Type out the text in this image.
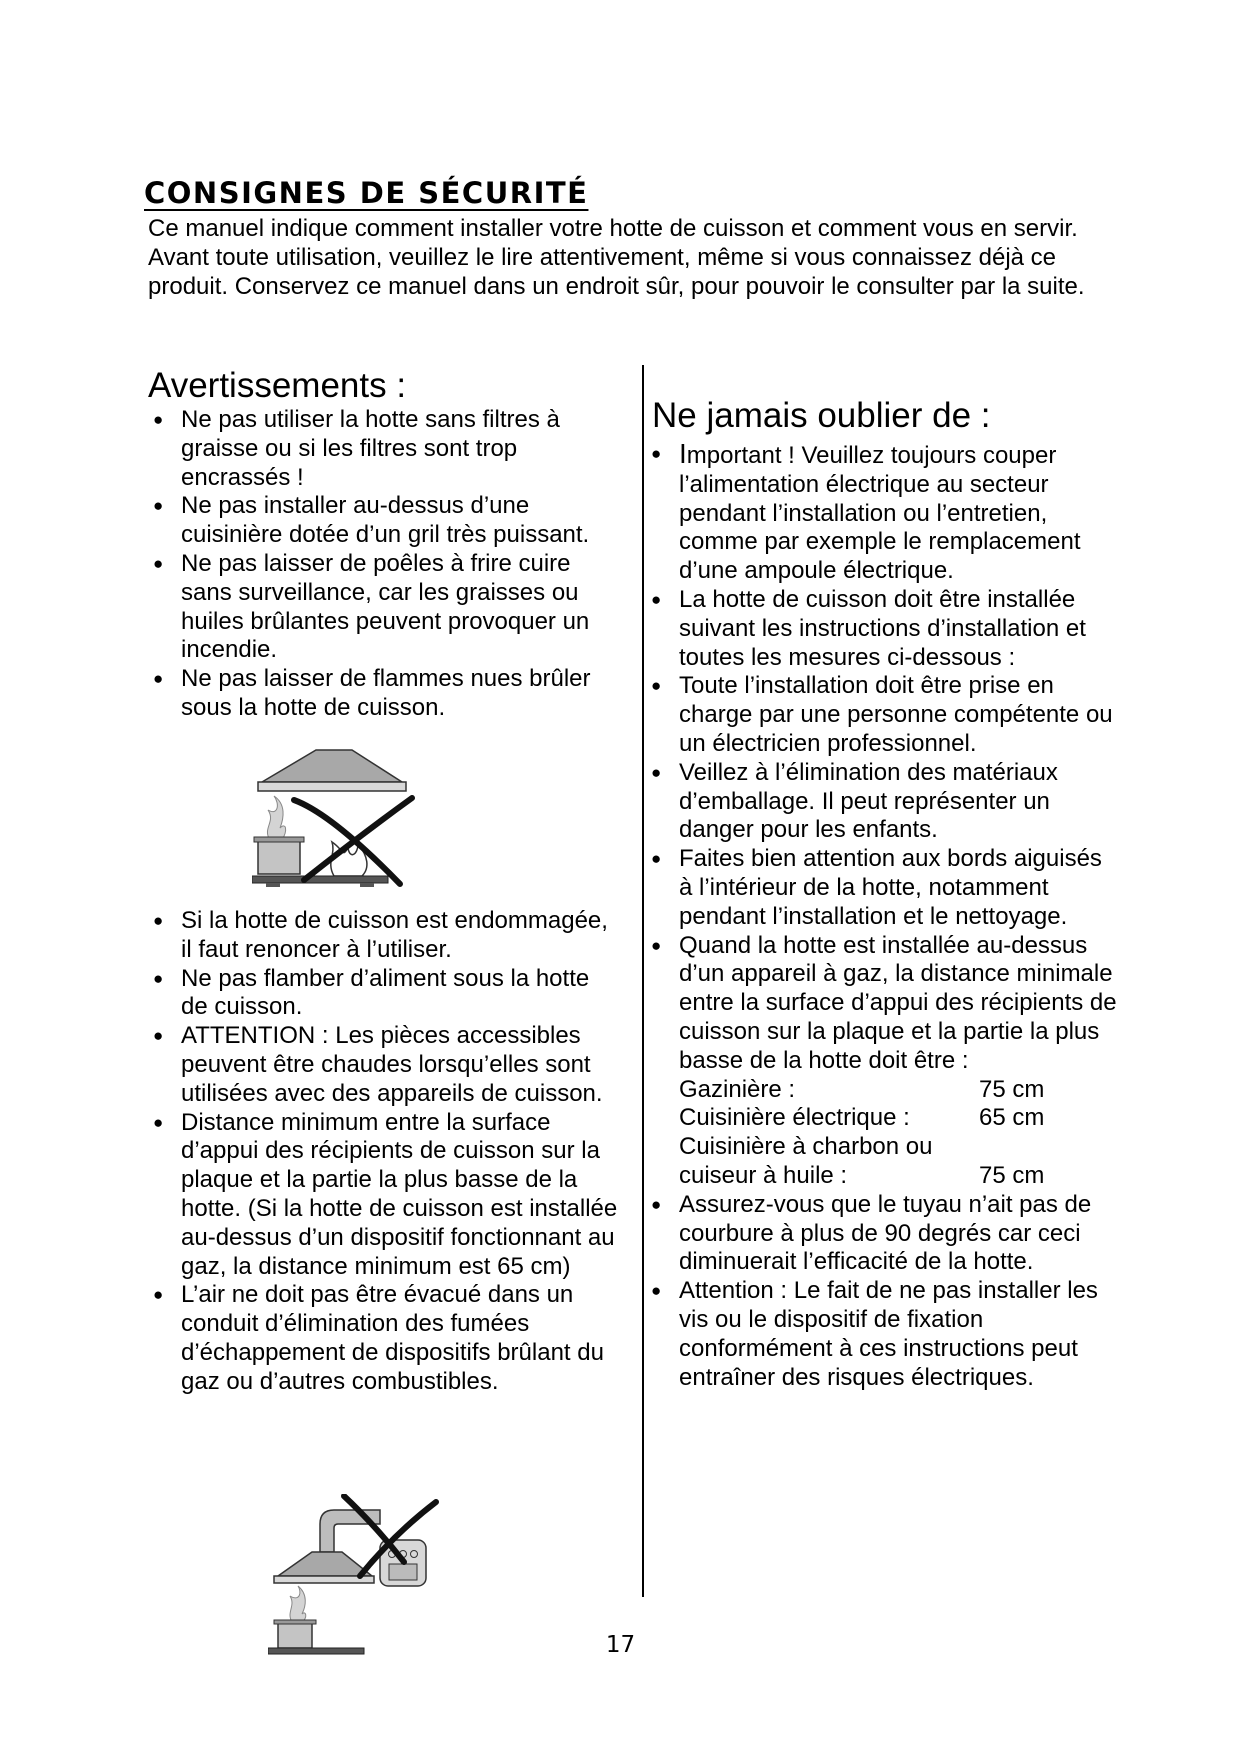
CONSIGNES DE SÉCURITÉ

Ce manuel indique comment installer votre hotte de cuisson et comment vous en servir. Avant toute utilisation, veuillez le lire attentivement, même si vous connaissez déjà ce produit. Conservez ce manuel dans un endroit sûr, pour pouvoir le consulter par la suite.

Avertissements :
● Ne pas utiliser la hotte sans filtres à graisse ou si les filtres sont trop encrassés !
● Ne pas installer au-dessus d’une cuisinière dotée d’un gril très puissant.
● Ne pas laisser de poêles à frire cuire sans surveillance, car les graisses ou huiles brûlantes peuvent provoquer un incendie.
● Ne pas laisser de flammes nues brûler sous la hotte de cuisson.
● Si la hotte de cuisson est endommagée, il faut renoncer à l’utiliser.
● Ne pas flamber d’aliment sous la hotte de cuisson.
● ATTENTION : Les pièces accessibles peuvent être chaudes lorsqu’elles sont utilisées avec des appareils de cuisson.
● Distance minimum entre la surface d’appui des récipients de cuisson sur la plaque et la partie la plus basse de la hotte. (Si la hotte de cuisson est installée au-dessus d’un dispositif fonctionnant au gaz, la distance minimum est 65 cm)
● L’air ne doit pas être évacué dans un conduit d’élimination des fumées d’échappement de dispositifs brûlant du gaz ou d’autres combustibles.
Ne jamais oublier de :
● Important ! Veuillez toujours couper l’alimentation électrique au secteur pendant l’installation ou l’entretien, comme par exemple le remplacement d’une ampoule électrique.
● La hotte de cuisson doit être installée suivant les instructions d’installation et toutes les mesures ci-dessous :
● Toute l’installation doit être prise en charge par une personne compétente ou un électricien professionnel.
● Veillez à l’élimination des matériaux d’emballage. Il peut représenter un danger pour les enfants.
● Faites bien attention aux bords aiguisés à l’intérieur de la hotte, notamment pendant l’installation et le nettoyage.
● Quand la hotte est installée au-dessus d’un appareil à gaz, la distance minimale entre la surface d’appui des récipients de cuisson sur la plaque et la partie la plus basse de la hotte doit être :
Gazinière :	75 cm
Cuisinière électrique :	65 cm
Cuisinière à charbon ou cuiseur à huile :	75 cm
● Assurez-vous que le tuyau n’ait pas de courbure à plus de 90 degrés car ceci diminuerait l’efficacité de la hotte.
● Attention : Le fait de ne pas installer les vis ou le dispositif de fixation conformément à ces instructions peut entraîner des risques électriques.
17
